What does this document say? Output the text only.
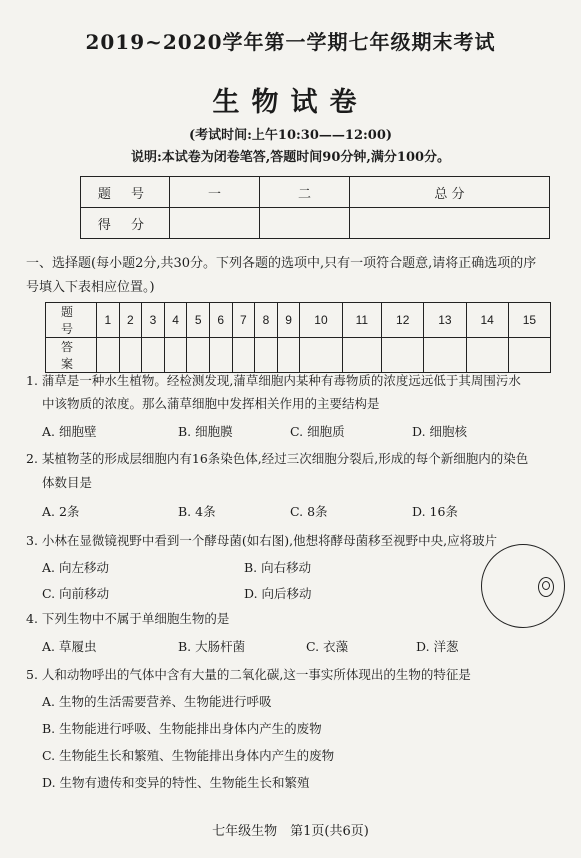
2019~2020学年第一学期七年级期末考试
生物试卷
(考试时间:上午10:30——12:00)
说明:本试卷为闭卷笔答,答题时间90分钟,满分100分。
题 号	一	二	总 分
得 分			
一、选择题(每小题2分,共30分。下列各题的选项中,只有一项符合题意,请将正确选项的序
号填入下表相应位置。)
题 号	1	2	3	4	5	6	7	8	9	10	11	12	13	14	15
答 案															
1. 蒲草是一种水生植物。经检测发现,蒲草细胞内某种有毒物质的浓度远远低于其周围污水
中该物质的浓度。那么蒲草细胞中发挥相关作用的主要结构是
A. 细胞壁	B. 细胞膜	C. 细胞质	D. 细胞核
2. 某植物茎的形成层细胞内有16条染色体,经过三次细胞分裂后,形成的每个新细胞内的染色
体数目是
A. 2条	B. 4条	C. 8条	D. 16条
3. 小林在显微镜视野中看到一个酵母菌(如右图),他想将酵母菌移至视野中央,应将玻片
A. 向左移动	B. 向右移动
C. 向前移动	D. 向后移动
4. 下列生物中不属于单细胞生物的是
A. 草履虫	B. 大肠杆菌	C. 衣藻	D. 洋葱
5. 人和动物呼出的气体中含有大量的二氧化碳,这一事实所体现出的生物的特征是
A. 生物的生活需要营养、生物能进行呼吸
B. 生物能进行呼吸、生物能排出身体内产生的废物
C. 生物能生长和繁殖、生物能排出身体内产生的废物
D. 生物有遗传和变异的特性、生物能生长和繁殖
七年级生物　第1页(共6页)
